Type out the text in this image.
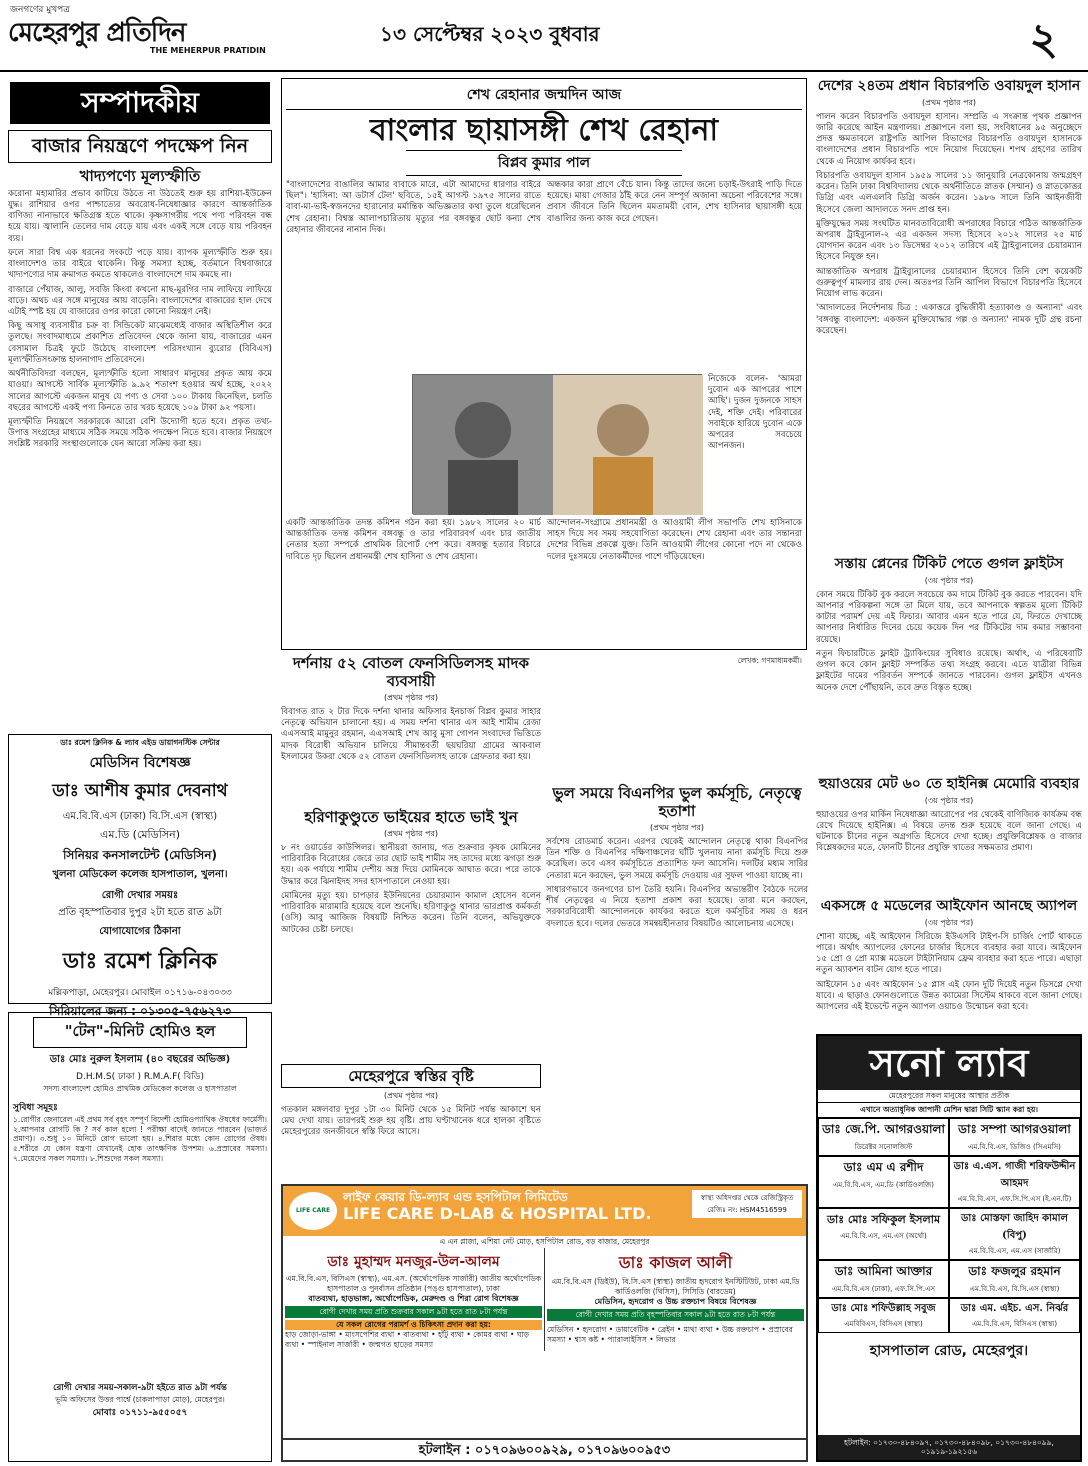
জনগণের মুখপত্র
মেহেরপুর প্রতিদিন
THE MEHERPUR PRATIDIN
১৩ সেপ্টেম্বর ২০২৩ বুধবার	২
সম্পাদকীয়
বাজার নিয়ন্ত্রণে পদক্ষেপ নিন
খাদ্যপণ্যে মূল্যস্ফীতি

করোনা মহামারির প্রভাব কাটিয়ে উঠতে না উঠতেই শুরু হয় রাশিয়া-ইউক্রেন যুদ্ধ। রাশিয়ার ওপর পাশ্চাত্যের অবরোধ-নিষেধাজ্ঞার কারণে আন্তর্জাতিক বাণিজ্য নানাভাবে ক্ষতিগ্রস্ত হতে থাকে। কৃষ্ণসাগরীয় পথে পণ্য পরিবহন বন্ধ হয়ে যায়। জ্বালানি তেলের দাম বেড়ে যায় এবং একই সঙ্গে বেড়ে যায় পরিবহন ব্যয়।

ফলে সারা বিশ্ব এক ধরনের সংকটে পড়ে যায়। ব্যাপক মূল্যস্ফীতি শুরু হয়। বাংলাদেশও তার বাইরে থাকেনি। কিন্তু সমস্যা হচ্ছে, বর্তমানে বিশ্ববাজারে খাদ্যপণ্যের দাম ক্রমাগত কমতে থাকলেও বাংলাদেশে দাম কমছে না।

বাজারে পেঁয়াজ, আলু, সবজি কিংবা কখনো মাছ-মুরগির দাম লাফিয়ে লাফিয়ে বাড়ে। অথচ এর সঙ্গে মানুষের আয় বাড়েনি। বাংলাদেশের বাজারের হাল দেখে এটাই স্পষ্ট হয় যে বাজারের ওপর কারো কোনো নিয়ন্ত্রণ নেই।

কিছু অসাধু ব্যবসায়ীর চক্র বা সিন্ডিকেট মাঝেমধ্যেই বাজার অস্থিতিশীল করে তুলছে। সংবাদমাধ্যমে প্রকাশিত প্রতিবেদন থেকে জানা যায়, বাজারের এমন বেসামাল চিত্রই ফুটে উঠেছে বাংলাদেশ পরিসংখ্যান ব্যুরোর (বিবিএস) মূল্যস্ফীতিসংক্রান্ত হালনাগাদ প্রতিবেদনে।

অর্থনীতিবিদরা বলছেন, মূল্যস্ফীতি হলো সাধারণ মানুষের প্রকৃত আয় কমে যাওয়া। আগস্টে সার্বিক মূল্যস্ফীতি ৯.৯২ শতাংশ হওয়ার অর্থ হচ্ছে, ২০২২ সালের আগস্টে একজন মানুষ যে পণ্য ও সেবা ১০০ টাকায় কিনেছিল, চলতি বছরের আগস্টে একই পণ্য কিনতে তার খরচ হয়েছে ১০৯ টাকা ৯২ পয়সা।

মূল্যস্ফীতি নিয়ন্ত্রণে সরকারকে আরো বেশি উদ্যোগী হতে হবে। প্রকৃত তথ্য-উপাত্ত সংগ্রহের মাধ্যমে সঠিক সময়ে সঠিক পদক্ষেপ নিতে হবে। বাজার নিয়ন্ত্রণে সংশ্লিষ্ট সরকারি সংস্থাগুলোকে যেন আরো সক্রিয় করা হয়।

ডাঃ রমেশ ক্লিনিক & ল্যাব এইড ডায়াগনস্টিক সেন্টার
মেডিসিন বিশেষজ্ঞ
ডাঃ আশীষ কুমার দেবনাথ
এম.বি.বি.এস (ঢাকা) বি.সি.এস (স্বাস্থ্য)
এম.ডি (মেডিসিন)
সিনিয়র কনসালটেন্ট (মেডিসিন)
খুলনা মেডিকেল কলেজ হাসপাতাল, খুলনা।
রোগী দেখার সময়ঃ
প্রতি বৃহস্পতিবার দুপুর ২টা হতে রাত ৯টা
যোগাযোগের ঠিকানা
ডাঃ রমেশ ক্লিনিক
মল্লিকপাড়া, মেহেরপুর। মোবাইল ০১৭১৬-০৪৩০৩৩
সিরিয়ালের জন্য : ০১৩০৫-৭৫৬২৭৩
"টেন"-মিনিট হোমিও হল
ডাঃ মোঃ নুরুল ইসলাম (৪০ বছরের অভিজ্ঞ)
D.H.M.S( ঢাকা ) R.M.A.F( বিডি)
সদস্য বাংলাদেশ হোমিও প্রাথমিক মেডিকেল কলেজ ও হাসপাতাল
সুবিধা সমূহঃ

১.রোগীর জেনারেল এই প্রথম সর্ব বৃহৎ সম্পূর্ণ বিদেশী হোমিওপ্যাথিক ঔষধের ফার্মেসী। ২.আপনার রোগটি কি ? সর্ব কাল হলো ! পরীক্ষা বাদেই জানতে পারবেন (ভাজর্ত প্রমাণ)। ৩.শুধু ১০ মিনিটে রোগ ভালো হয়। ৪.শিরার মধ্যে কোন রোগের ঔষধ। ৫.শরীরে যে কোন যন্ত্রণা যেখানেই হোক তাৎক্ষণিক উপশম। ৬.প্রস্রাবের সমস্যা। ৭.মেয়েদের সকল সমস্যা। ৮.শিশুদের সকল সমস্যা।

রোগী দেখার সময়-সকাল-৯টা হইতে রাত ৯টা পর্যন্ত
ভূমি অফিসের উত্তর পার্শ্বে (চাকলাপাড়া মোড়), মেহেরপুর।
মোবাঃ ০১৭১১-৯৫৫০৫৭
শেখ রেহানার জন্মদিন আজ
বাংলার ছায়াসঙ্গী শেখ রেহানা
বিপ্লব কুমার পাল

"বাংলাদেশের বাঙালির আমার বাবাকে মারে, এটা আমাদের ধারণার বাইরে ছিল"। 'হাসিনা: আ ডটার্স টেল' ছবিতে, ১৫ই আগস্ট ১৯৭৫ সালের রাতে বাবা-মা-ভাই-স্বজনদের হারানোর মর্মান্তিক অভিজ্ঞতার কথা তুলে ধরেছিলেন শেখ রেহানা। বিশ্বস্ত আলাপচারিতায় মৃত্যুর পর বঙ্গবন্ধুর ছোট কন্যা শেখ রেহানার জীবনের নানান দিক।

অন্ধকার কারা প্রাণে বেঁচে যান। কিন্তু তাদের জন্যে চড়াই-উৎরাই পাড়ি দিতে হয়েছে। মায়া গেজার ঠাঁই করে নেন সম্পূর্ণ অজানা অচেনা পরিবেশের সঙ্গে। প্রবাস জীবনে তিনি ছিলেন মমতাময়ী বোন, শেখ হাসিনার ছায়াসঙ্গী হয়ে বাঙালির জন্য কাজ করে গেছেন।

নিজেকে বলেন- 'আমরা দুবোন এক আপরের পাশে আছি'। দুজন দুজনকে সাহস দেই, শক্তি দেই। পরিবারের সবাইকে হারিয়ে দুবোন একে অপরের সবচেয়ে আপনজন।

একটি আন্তর্জাতিক তদন্ত কমিশন গঠন করা হয়। ১৯৮২ সালের ২০ মার্চ আন্তর্জাতিক তদন্ত কমিশন বঙ্গবন্ধু ও তার পরিবারবর্গ এবং চার জাতীয় নেতার হত্যা সম্পর্কে প্রাথমিক রিপোর্ট পেশ করে। বঙ্গবন্ধু হত্যার বিচারে দাবিতে দৃঢ় ছিলেন প্রধানমন্ত্রী শেখ হাসিনা ও শেখ রেহানা।

আন্দোলন-সংগ্রামে প্রধানমন্ত্রী ও আওয়ামী লীগ সভাপতি শেখ হাসিনাকে সাহস দিয়ে সব সময় সহযোগিতা করেছেন। শেখ রেহানা এবং তার সন্তানরা দেশের বিভিন্ন প্রকল্পে যুক্ত। তিনি আওয়ামী লীগের কোনো পদে না থেকেও দলের দুঃসময়ে নেতাকর্মীদের পাশে দাঁড়িয়েছেন।

লেখক: গণমাধ্যমকর্মী।
দর্শনায় ৫২ বোতল ফেনসিডিলসহ মাদক ব্যবসায়ী
(প্রথম পৃষ্ঠার পর)

বিবাগত রাত ২ টার দিকে দর্শনা থানার অফিসার ইনচার্জ বিপ্লব কুমার সাহার নেতৃত্বে অভিযান চালানো হয়। এ সময় দর্শনা থানার এস আই শামীম রেজা এএসআই মামুনুর রহমান, এএসআই শেখ আবু মুসা গোপন সংবাদের ভিত্তিতে মাদক বিরোধী অভিযান চালিয়ে সীমান্তবর্তী ছয়ঘরিয়া গ্রামের আকবাল ইসলামের উকরা থেকে ৫২ বোতল ফেনসিডিলসহ তাকে গ্রেফতার করা হয়।

হরিণাকুণ্ডুতে ভাইয়ের হাতে ভাই খুন
(প্রথম পৃষ্ঠার পর)

৮ নং ওয়ার্ডের কাউন্সিলর। স্থানীয়রা জানায়, গত শুক্রবার কৃষক মোমিনের পারিবারিক বিরোধের জেরে তার ছোট ভাই শামীম সহ তাদের মধ্যে ঝগড়া শুরু হয়। এক পর্যায়ে শামীম দেশীয় অস্ত্র দিয়ে মোমিনকে আঘাত করে। পরে তাকে উদ্ধার করে ঝিনাইদহ সদর হাসপাতালে নেওয়া হয়।

মোমিনের মৃত্যু হয়। চাপড়ার ইউনিয়নের চেয়ারম্যান কামাল হোসেন বলেন পারিবারিক মারামারি হয়েছে বলে শুনেছি। হরিণাকুণ্ডু থানার ভারপ্রাপ্ত কর্মকর্তা (ওসি) আবু আজিজ বিষয়টি নিশ্চিত করেন। তিনি বলেন, অভিযুক্তকে আটকের চেষ্টা চলছে।

মেহেরপুরে স্বস্তির বৃষ্টি
(প্রথম পৃষ্ঠার পর)

গতকাল মঙ্গলবার দুপুর ১টা ৩০ মিনিট থেকে ১৫ মিনিট পর্যন্ত আকাশে ঘন মেঘ দেখা যায়। তারপরই শুরু হয় বৃষ্টি। প্রায় ঘণ্টাখানেক ধরে হালকা বৃষ্টিতে মেহেরপুরের জনজীবনে স্বস্তি ফিরে আসে।

ভুল সময়ে বিএনপির ভুল কর্মসূচি, নেতৃত্বে হতাশা
(প্রথম পৃষ্ঠার পর)

সর্বশেষ রোডমার্চ করেন। এরপর থেকেই আন্দোলন নেতৃত্বে থাকা বিএনপির তিন শক্তি ও বিএনপির দক্ষিণাঞ্চলের ঘাঁটি খুলনায় নানা কর্মসূচি দিয়ে শুরু করেছিল। তবে এসব কর্মসূচিতে প্রত্যাশিত ফল আসেনি। দলটির মধ্যম সারির নেতারা মনে করছেন, ভুল সময়ে কর্মসূচি দেওয়ায় এর সুফল পাওয়া যাচ্ছে না।

সাধারণভাবে জনগণের চাপ তৈরি হয়নি। বিএনপির অভ্যন্তরীণ বৈঠকে দলের শীর্ষ নেতৃত্বের এ নিয়ে হতাশা প্রকাশ করা হয়েছে। তারা মনে করছেন, সরকারবিরোধী আন্দোলনকে কার্যকর করতে হলে কর্মসূচির সময় ও ধরন বদলাতে হবে। দলের ভেতরে সমন্বয়হীনতার বিষয়টিও আলোচনায় এসেছে।

LIFE CARE
লাইফ কেয়ার ডি-ল্যাব এন্ড হসপিটাল লিমিটেড
LIFE CARE D-LAB & HOSPITAL LTD.
স্বাস্থ্য অধিদপ্তর থেকে রেজিস্ট্রিকৃত রেজিঃ নং: HSM4516599
এ এন প্লাজা, এশিয়া নেট মোড়, হসপিটাল রোড, বড় বাজার, মেহেরপুর
ডাঃ মুহাম্মদ মনজুর-উল-আলম
এম.বি.বি.এস, বিসিএস (স্বাস্থ্য), এম.এস. (অর্থোপেডিক সার্জারী) জাতীয় অর্থোপেডিক হাসপাতাল ও পুনর্বাসন প্রতিষ্ঠান (পঙ্গু হাসপাতাল), ঢাকা
বাতব্যথা, হাড়ভাঙ্গা, অর্থোপেডিক, মেরুদণ্ড ও শিরা রোগ বিশেষজ্ঞ
রোগী দেখার সময় প্রতি শুক্রবার সকাল ৯টা হতে রাত ৮টা পর্যন্ত
যে সকল রোগের পরামর্শ ও চিকিৎসা প্রদান করা হয়:
হাড় জোড়া-ভাঙ্গা • মাংসপেশির ব্যথা • বাতব্যথা • হাঁটু ব্যথা • কোমর ব্যথা • ঘাড় ব্যথা • স্পাইনাল সার্জারী • জন্মগত হাড়ের সমস্যা
ডাঃ কাজল আলী
এম.বি.বি.এস (ডিইউ), বি.সি.এস (স্বাস্থ্য) জাতীয় হৃদরোগ ইনস্টিটিউট, ঢাকা এম.ডি কার্ডিওলজি (থিসিস), সিসিডি (বারডেম)
মেডিসিন, হৃদরোগ ও উচ্চ রক্তচাপ বিষয়ে বিশেষজ্ঞ
রোগী দেখার সময় প্রতি বৃহস্পতিবার সকাল ৯টা হতে রাত ৮টা পর্যন্ত
মেডিসিন • হৃদরোগ • ডায়াবেটিক • ব্রেইন • মাথা ব্যথা • উচ্চ রক্তচাপ • প্রস্রাবের সমস্যা • শ্বাস কষ্ট • প্যারালাইসিস • লিভার
হটলাইন : ০১৭০৯৬০০৯২৯, ০১৭০৯৬০০৯৫৩
দেশের ২৪তম প্রধান বিচারপতি ওবায়দুল হাসান
(প্রথম পৃষ্ঠার পর)

পালন করেন বিচারপতি ওবায়দুল হাসান। সম্প্রতি এ সংক্রান্ত পৃথক প্রজ্ঞাপন জারি করেছে আইন মন্ত্রণালয়। প্রজ্ঞাপনে বলা হয়, সংবিধানের ৯৫ অনুচ্ছেদে প্রদত্ত ক্ষমতাবলে রাষ্ট্রপতি আপিল বিভাগের বিচারপতি ওবায়দুল হাসানকে বাংলাদেশের প্রধান বিচারপতি পদে নিয়োগ দিয়েছেন। শপথ গ্রহণের তারিখ থেকে এ নিয়োগ কার্যকর হবে।

বিচারপতি ওবায়দুল হাসান ১৯৫৯ সালের ১১ জানুয়ারি নেত্রকোনায় জন্মগ্রহণ করেন। তিনি ঢাকা বিশ্ববিদ্যালয় থেকে অর্থনীতিতে স্নাতক (সম্মান) ও স্নাতকোত্তর ডিগ্রি এবং এলএলবি ডিগ্রি অর্জন করেন। ১৯৮৬ সালে তিনি আইনজীবী হিসেবে জেলা আদালতে সনদ প্রাপ্ত হন।

মুক্তিযুদ্ধের সময় সংঘটিত মানবতাবিরোধী অপরাধের বিচারে গঠিত আন্তর্জাতিক অপরাধ ট্রাইব্যুনাল-২ এর একজন সদস্য হিসেবে ২০১২ সালের ২৫ মার্চ যোগদান করেন এবং ১৩ ডিসেম্বর ২০১২ তারিখে এই ট্রাইব্যুনালের চেয়ারম্যান হিসেবে নিযুক্ত হন।

আন্তর্জাতিক অপরাধ ট্রাইব্যুনালের চেয়ারম্যান হিসেবে তিনি বেশ কয়েকটি গুরুত্বপূর্ণ মামলার রায় দেন। অতঃপর তিনি আপিল বিভাগে বিচারপতি হিসেবে নিয়োগ লাভ করেন।

'আদালতের নির্দেশনায় চিত্র : একাত্তরে বুদ্ধিজীবী হত্যাকাণ্ড ও অন্যান্য' এবং 'বঙ্গবন্ধু বাংলাদেশ: একজন মুক্তিযোদ্ধার গল্প ও অন্যান্য' নামক দুটি গ্রন্থ রচনা করেছেন।

সস্তায় প্লেনের টিকিট পেতে গুগল ফ্লাইটস
(৩য় পৃষ্ঠার পর)

কোন সময়ে টিকিট বুক করলে সবচেয়ে কম দামে টিকিট বুক করতে পারবেন। যদি আপনার পরিকল্পনা সঙ্গে তা মিলে যায়, তবে আপনাকে স্বল্পতম মূল্যে টিকিট কাটার পরামর্শ দেয় এই ফিচার। আবার এমন হতে পারে যে, ফিরতে দেখাচ্ছে আপনার নির্ধারিত দিনের চেয়ে কয়েক দিন পর টিকিটের দাম কমার সম্ভাবনা রয়েছে।

নতুন ফিচারটিতে ফ্লাইট ট্র্যাকিংয়ের সুবিধাও রয়েছে। অর্থাৎ, এ পরিষেবাটি গুগল কবে কোন ফ্লাইট সম্পর্কিত তথ্য সংগ্রহ করবে। এতে যাত্রীরা বিভিন্ন ফ্লাইটের দামের পরিবর্তন সম্পর্কে জানতে পারবেন। গুগল ফ্লাইটস এখনও অনেক দেশে পৌঁছায়নি, তবে দ্রুত বিস্তৃত হচ্ছে।

হুয়াওয়ের মেট ৬০ তে হাইনিক্স মেমোরি ব্যবহার
(৩য় পৃষ্ঠার পর)

হুয়াওয়ের ওপর মার্কিন নিষেধাজ্ঞা আরোপের পর থেকেই বাণিজ্যিক কার্যক্রম বন্ধ রেখে দিয়েছে হাইনিক্স। এ বিষয়ে তদন্ত শুরু হয়েছে বলে জানা গেছে। এ ঘটনাকে চীনের নতুন অগ্রগতি হিসেবে দেখা হচ্ছে। প্রযুক্তিবিশ্লেষক ও বাজার বিশ্লেষকদের মতে, ফোনটি চীনের প্রযুক্তি খাতের সক্ষমতার প্রমাণ।

একসঙ্গে ৫ মডেলের আইফোন আনছে অ্যাপল
(৩য় পৃষ্ঠার পর)

শোনা যাচ্ছে, এই আইফোন সিরিজে ইউএসবি টাইপ-সি চার্জিং পোর্ট থাকতে পারে। অর্থাৎ অ্যাপলের ফোনের চার্জার হিসেবে ব্যবহার করা যাবে। আইফোন ১৫ প্রো ও প্রো ম্যাক্স মডেলে টাইটানিয়াম ফ্রেম ব্যবহার করা হতে পারে। এছাড়া নতুন অ্যাকশন বাটন যোগ হতে পারে।

আইফোন ১৫ এবং আইফোন ১৫ প্লাস এই ফোন দুটি দিয়েই নতুন ডিসপ্লে দেখা যাবে। এ ছাড়াও ফোনগুলোতে উন্নত ক্যামেরা সিস্টেম থাকবে বলে জানা গেছে। অ্যাপলের এই ইভেন্টে নতুন অ্যাপল ওয়াচও উন্মোচন করা হবে।

সনো ল্যাব
মেহেরপুরের সকল মানুষের আস্থার প্রতীক
এখানে অত্যাধুনিক জাপানী মেশিন দ্বারা সিটি স্ক্যান করা হয়।
ডাঃ জে.পি. আগরওয়ালা
ডিরেক্টর সনোলজিস্ট
ডাঃ সম্পা আগরওয়ালা
এম.বি.বি.এস, ডিজিও (সিএমসি)
ডাঃ এম এ রশীদ
এম.বি.বি.এস, এম.ডি (কার্ডিওলজি)
ডাঃ এ.এস. গাজী শরিফউদ্দীন আহমদ
এম.বি.বি.এস, এফ.সি.পি.এস (ই.এন.টি)
ডাঃ মোঃ সফিকুল ইসলাম
এম.বি.বি.এস, এম.এস (অর্থো)
ডাঃ মোস্তফা জাহিদ কামাল (বিপু)
এম.বি.বি.এস, এম.এস (সার্জারি)
ডাঃ আমিনা আক্তার
এম.বি.বি.এস (ঢাকা), এফ.সি.পি.এস
ডাঃ ফজলুর রহমান
এম.বি.বি.এস, বি.সি.এস (স্বাস্থ্য)
ডাঃ মোঃ শফিউল্লাহ সবুজ
এমবিবিএস, বিসিএস (স্বাস্থ্য)
ডাঃ এম. এইচ. এস. নির্ঝর
এম.বি.বি.এস, বিসিএস (স্বাস্থ্য)
হাসপাতাল রোড, মেহেরপুর।
হটলাইন: ০১৭৩০-৪৮৪০৯৭, ০১৭৩০-৪৮৪০৯৮, ০১৭৩০-৪৮৪০৯৯, ০১৯১৯-১৯২১৫৬
